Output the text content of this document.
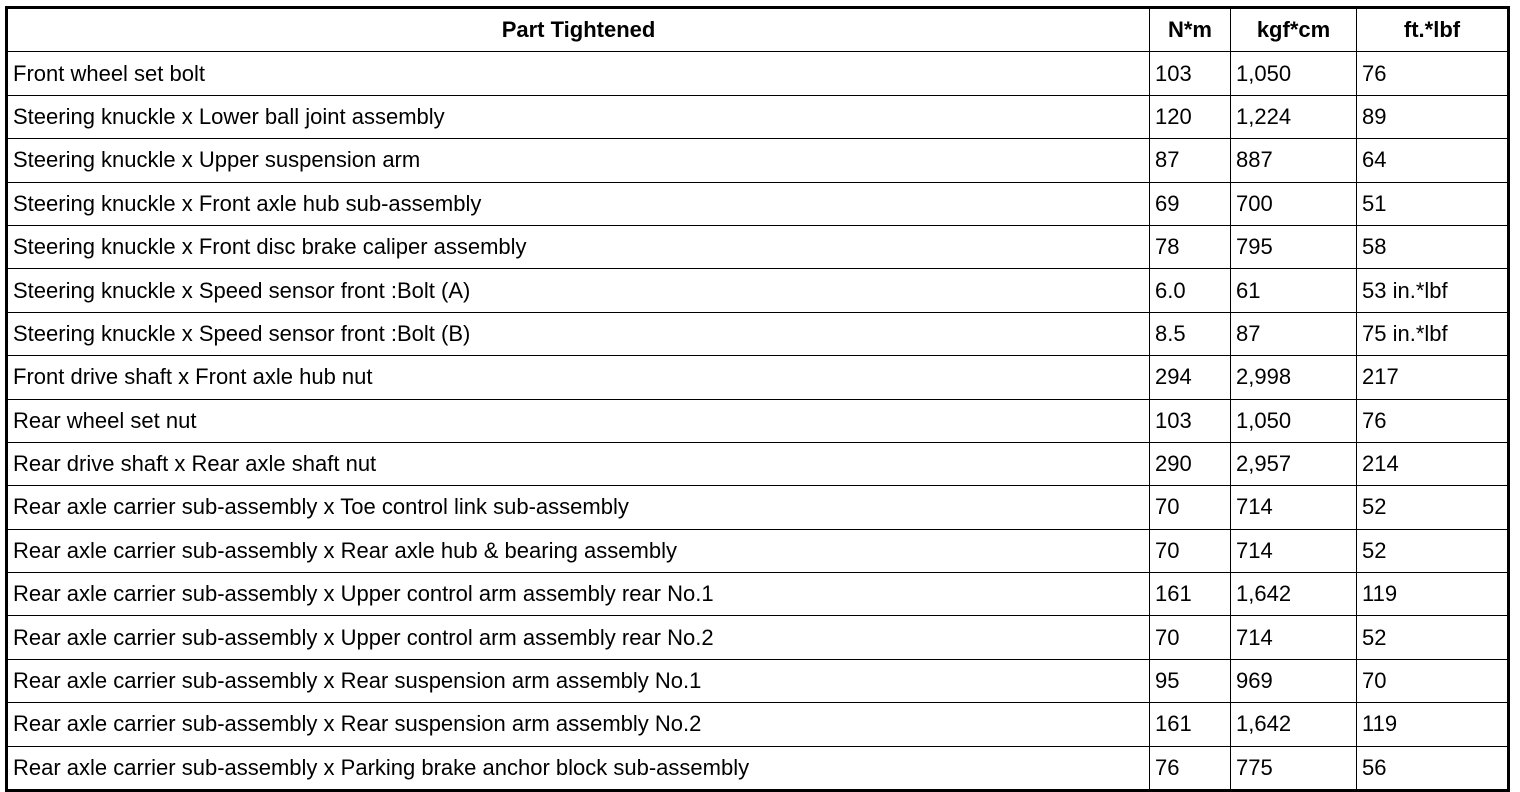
Part Tightened	N*m	kgf*cm	ft.*lbf
Front wheel set bolt	103	1,050	76
Steering knuckle x Lower ball joint assembly	120	1,224	89
Steering knuckle x Upper suspension arm	87	887	64
Steering knuckle x Front axle hub sub-assembly	69	700	51
Steering knuckle x Front disc brake caliper assembly	78	795	58
Steering knuckle x Speed sensor front :Bolt (A)	6.0	61	53 in.*lbf
Steering knuckle x Speed sensor front :Bolt (B)	8.5	87	75 in.*lbf
Front drive shaft x Front axle hub nut	294	2,998	217
Rear wheel set nut	103	1,050	76
Rear drive shaft x Rear axle shaft nut	290	2,957	214
Rear axle carrier sub-assembly x Toe control link sub-assembly	70	714	52
Rear axle carrier sub-assembly x Rear axle hub & bearing assembly	70	714	52
Rear axle carrier sub-assembly x Upper control arm assembly rear No.1	161	1,642	119
Rear axle carrier sub-assembly x Upper control arm assembly rear No.2	70	714	52
Rear axle carrier sub-assembly x Rear suspension arm assembly No.1	95	969	70
Rear axle carrier sub-assembly x Rear suspension arm assembly No.2	161	1,642	119
Rear axle carrier sub-assembly x Parking brake anchor block sub-assembly	76	775	56
